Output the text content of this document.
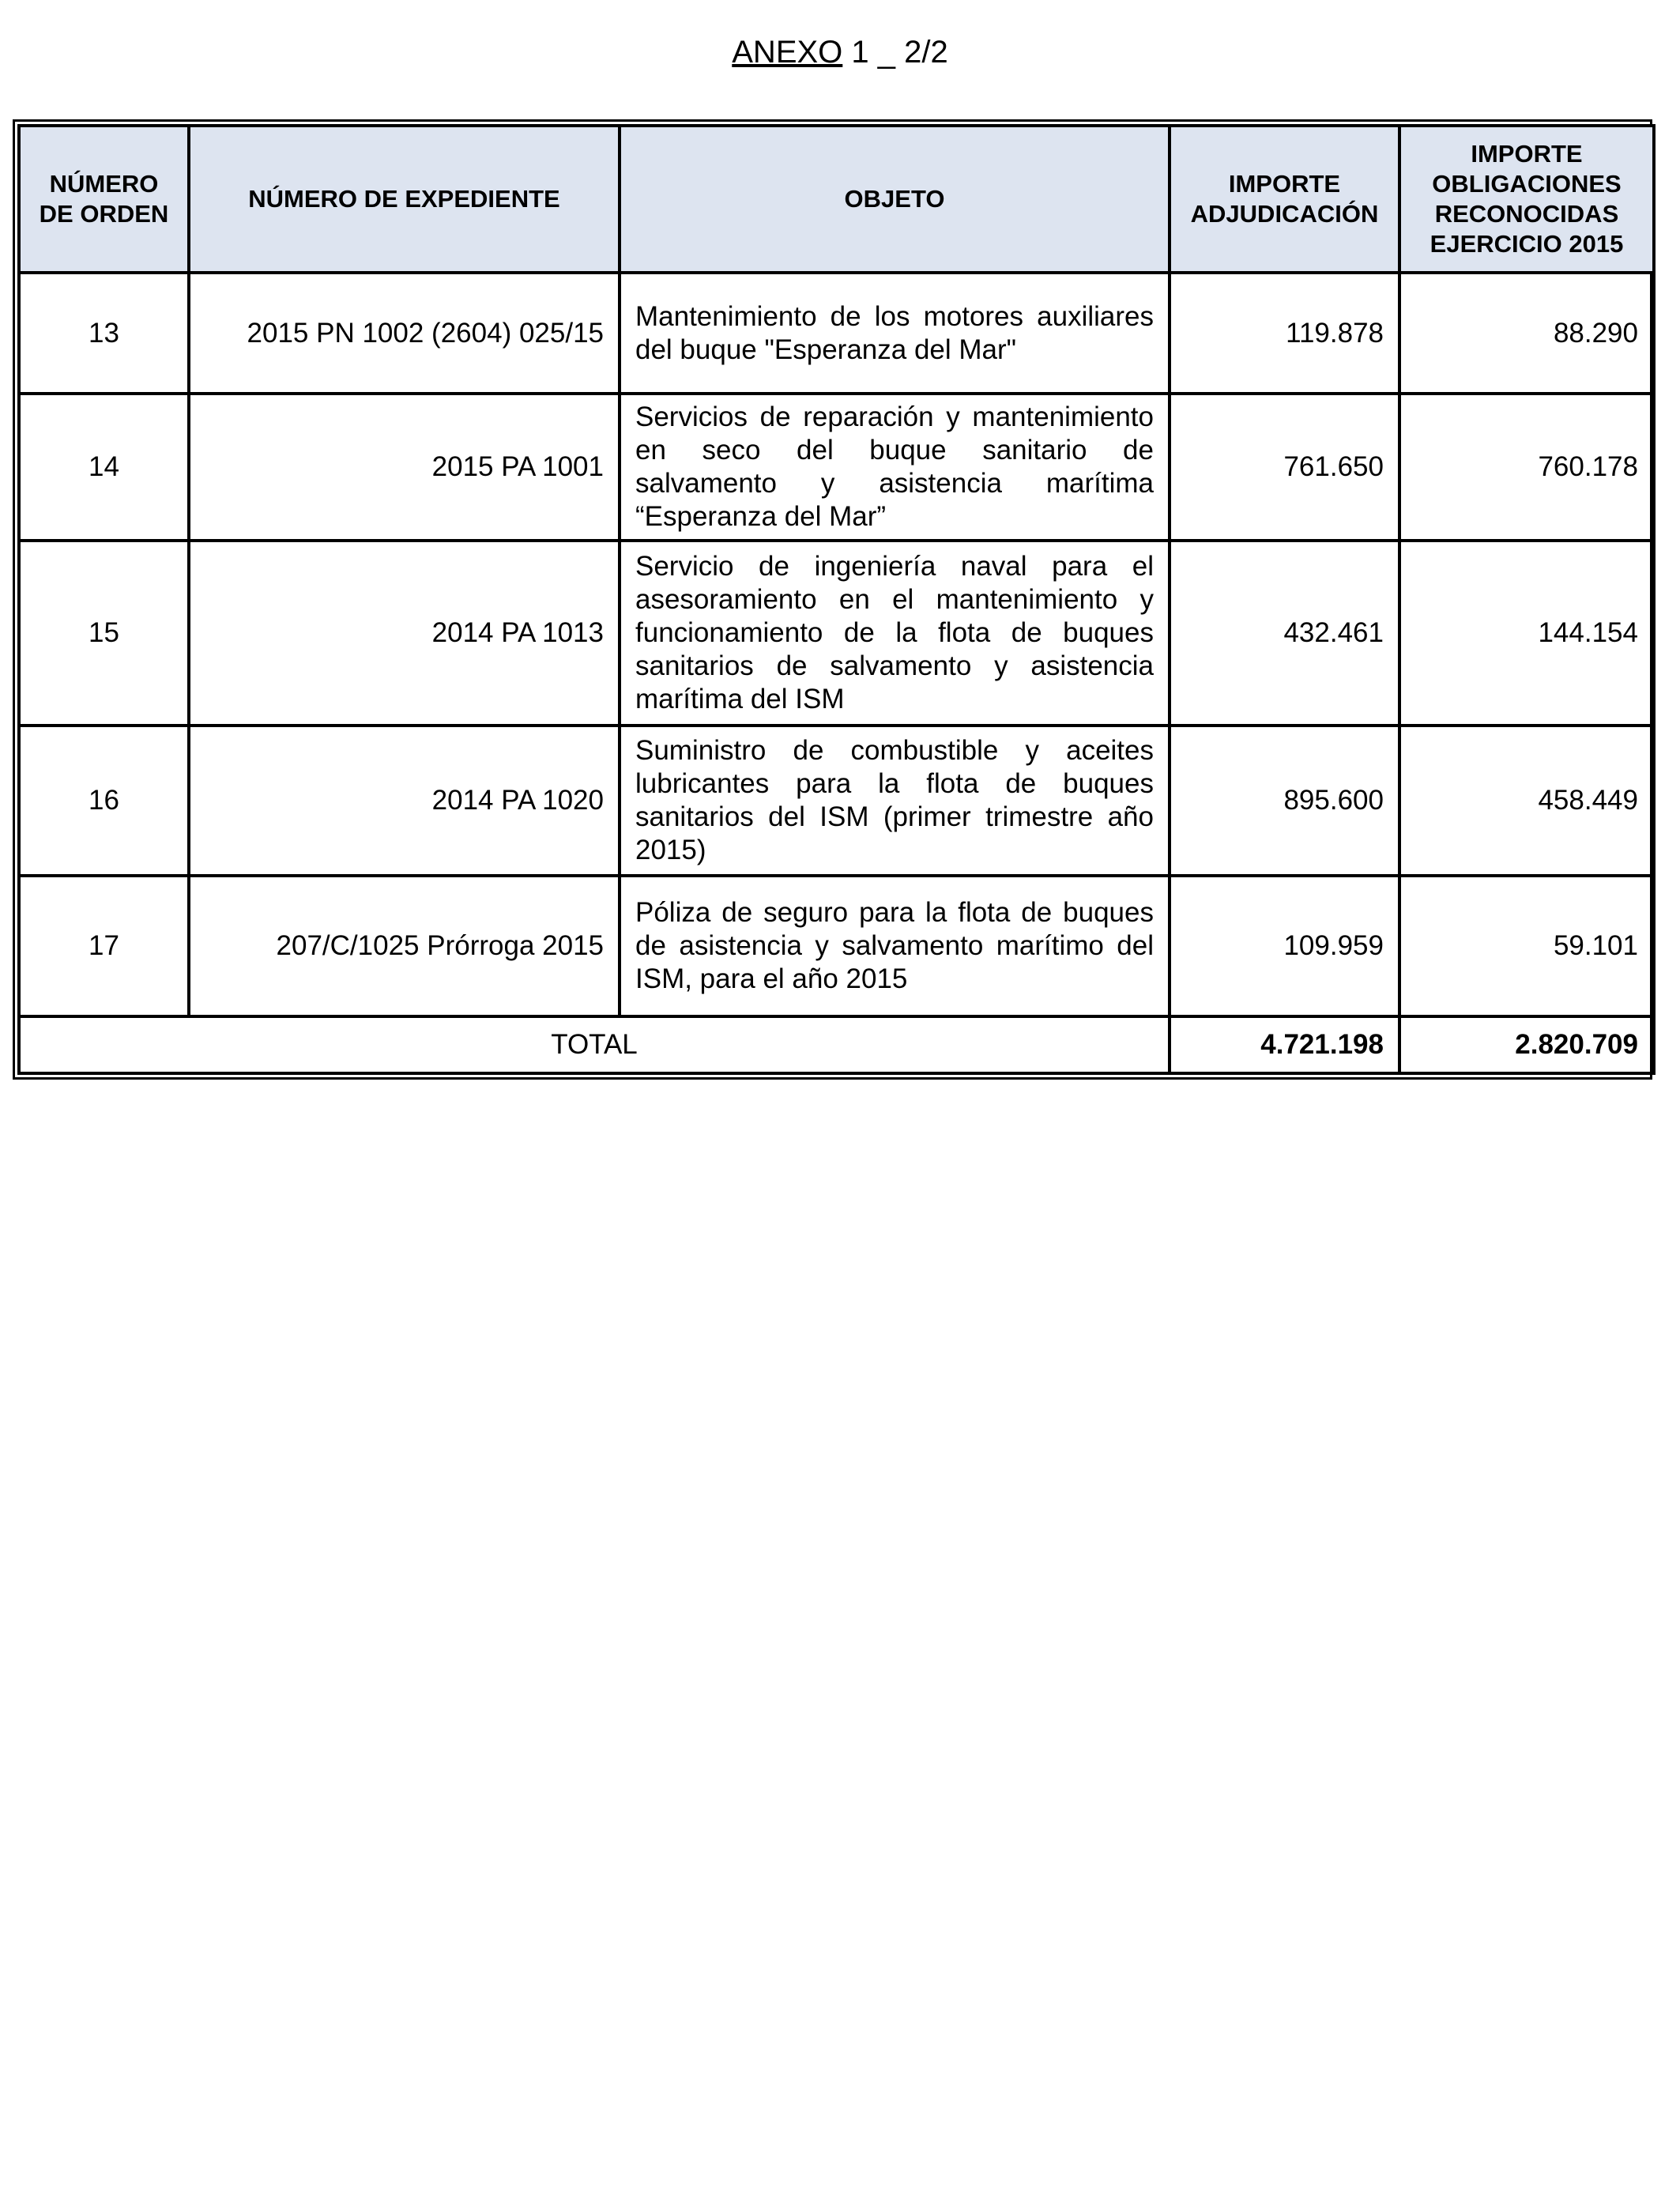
ANEXO 1 _ 2/2
NÚMERO DE ORDEN	NÚMERO DE EXPEDIENTE	OBJETO	IMPORTE ADJUDICACIÓN	IMPORTE OBLIGACIONES RECONOCIDAS EJERCICIO 2015
13	2015 PN 1002 (2604) 025/15	Mantenimiento de los motores auxiliares del buque "Esperanza del Mar"	119.878	88.290
14	2015 PA 1001	Servicios de reparación y mantenimiento en seco del buque sanitario de salvamento y asistencia marítima “Esperanza del Mar”	761.650	760.178
15	2014 PA 1013	Servicio de ingeniería naval para el asesoramiento en el mantenimiento y funcionamiento de la flota de buques sanitarios de salvamento y asistencia marítima del ISM	432.461	144.154
16	2014 PA 1020	Suministro de combustible y aceites lubricantes para la flota de buques sanitarios del ISM (primer trimestre año 2015)	895.600	458.449
17	207/C/1025 Prórroga 2015	Póliza de seguro para la flota de buques de asistencia y salvamento marítimo del ISM, para el año 2015	109.959	59.101
TOTAL			4.721.198	2.820.709
